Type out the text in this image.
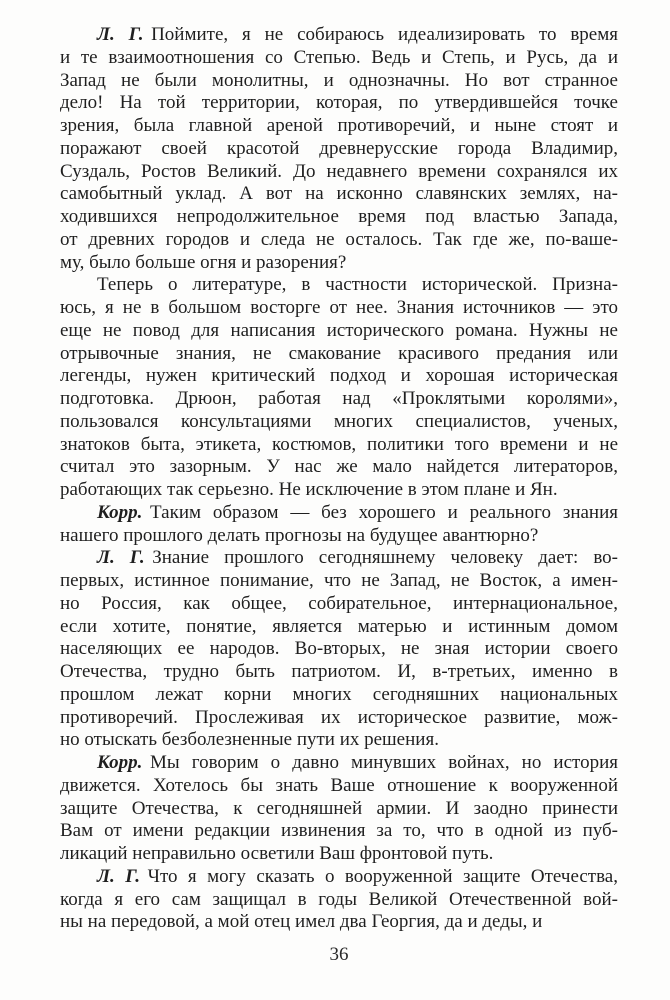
Л. Г. Поймите, я не собираюсь идеализировать то время
и те взаимоотношения со Степью. Ведь и Степь, и Русь, да и
Запад не были монолитны, и однозначны. Но вот странное
дело! На той территории, которая, по утвердившейся точке
зрения, была главной ареной противоречий, и ныне стоят и
поражают своей красотой древнерусские города Владимир,
Суздаль, Ростов Великий. До недавнего времени сохранялся их
самобытный уклад. А вот на исконно славянских землях, на-
ходившихся непродолжительное время под властью Запада,
от древних городов и следа не осталось. Так где же, по-ваше-
му, было больше огня и разорения?
Теперь о литературе, в частности исторической. Призна-
юсь, я не в большом восторге от нее. Знания источников — это
еще не повод для написания исторического романа. Нужны не
отрывочные знания, не смакование красивого предания или
легенды, нужен критический подход и хорошая историческая
подготовка. Дрюон, работая над «Проклятыми королями»,
пользовался консультациями многих специалистов, ученых,
знатоков быта, этикета, костюмов, политики того времени и не
считал это зазорным. У нас же мало найдется литераторов,
работающих так серьезно. Не исключение в этом плане и Ян.
Корр. Таким образом — без хорошего и реального знания
нашего прошлого делать прогнозы на будущее авантюрно?
Л. Г. Знание прошлого сегодняшнему человеку дает: во-
первых, истинное понимание, что не Запад, не Восток, а имен-
но Россия, как общее, собирательное, интернациональное,
если хотите, понятие, является матерью и истинным домом
населяющих ее народов. Во-вторых, не зная истории своего
Отечества, трудно быть патриотом. И, в-третьих, именно в
прошлом лежат корни многих сегодняшних национальных
противоречий. Прослеживая их историческое развитие, мож-
но отыскать безболезненные пути их решения.
Корр. Мы говорим о давно минувших войнах, но история
движется. Хотелось бы знать Ваше отношение к вооруженной
защите Отечества, к сегодняшней армии. И заодно принести
Вам от имени редакции извинения за то, что в одной из пуб-
ликаций неправильно осветили Ваш фронтовой путь.
Л. Г. Что я могу сказать о вооруженной защите Отечества,
когда я его сам защищал в годы Великой Отечественной вой-
ны на передовой, а мой отец имел два Георгия, да и деды, и
36
